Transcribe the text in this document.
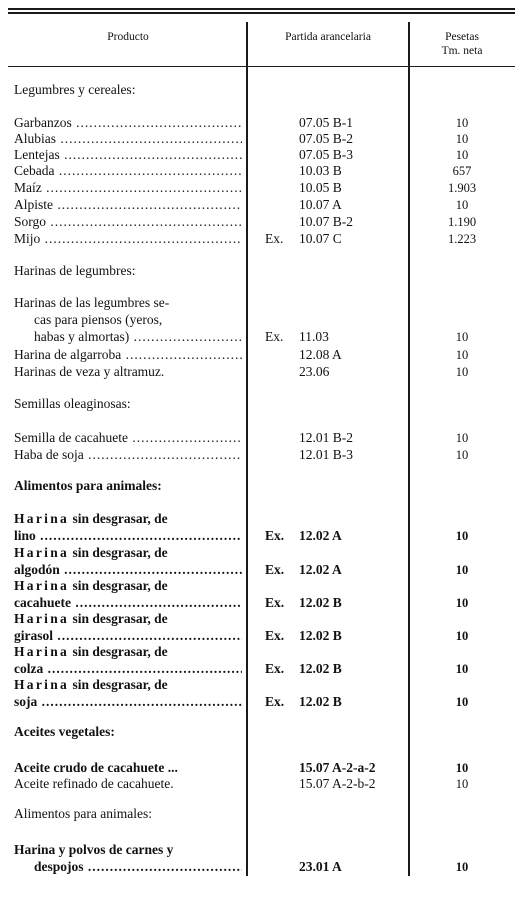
Producto	Partida arancelaria	Pesetas
Tm. neta
Legumbres y cereales:
Garbanzos .....	07.05 B-1	10
Alubias .....	07.05 B-2	10
Lentejas .....	07.05 B-3	10
Cebada .....	10.03 B	657
Maíz .....	10.05 B	1.903
Alpiste .....	10.07 A	10
Sorgo .....	10.07 B-2	1.190
Mijo .....	Ex. 10.07 C	1.223
Harinas de legumbres:
Harinas de las legumbres se-
cas para piensos (yeros,
habas y almortas) .....	Ex. 11.03	10
Harina de algarroba .....	12.08 A	10
Harinas de veza y altramuz.	23.06	10
Semillas oleaginosas:
Semilla de cacahuete .....	12.01 B-2	10
Haba de soja .....	12.01 B-3	10
Alimentos para animales:
Harina sin desgrasar, de
lino .....	Ex. 12.02 A	10
Harina sin desgrasar, de
algodón .....	Ex. 12.02 A	10
Harina sin desgrasar, de
cacahuete .....	Ex. 12.02 B	10
Harina sin desgrasar, de
girasol .....	Ex. 12.02 B	10
Harina sin desgrasar, de
colza .....	Ex. 12.02 B	10
Harina sin desgrasar, de
soja .....	Ex. 12.02 B	10
Aceites vegetales:
Aceite crudo de cacahuete ...	15.07 A-2-a-2	10
Aceite refinado de cacahuete.	15.07 A-2-b-2	10
Alimentos para animales:
Harina y polvos de carnes y
despojos .....	23.01 A	10
